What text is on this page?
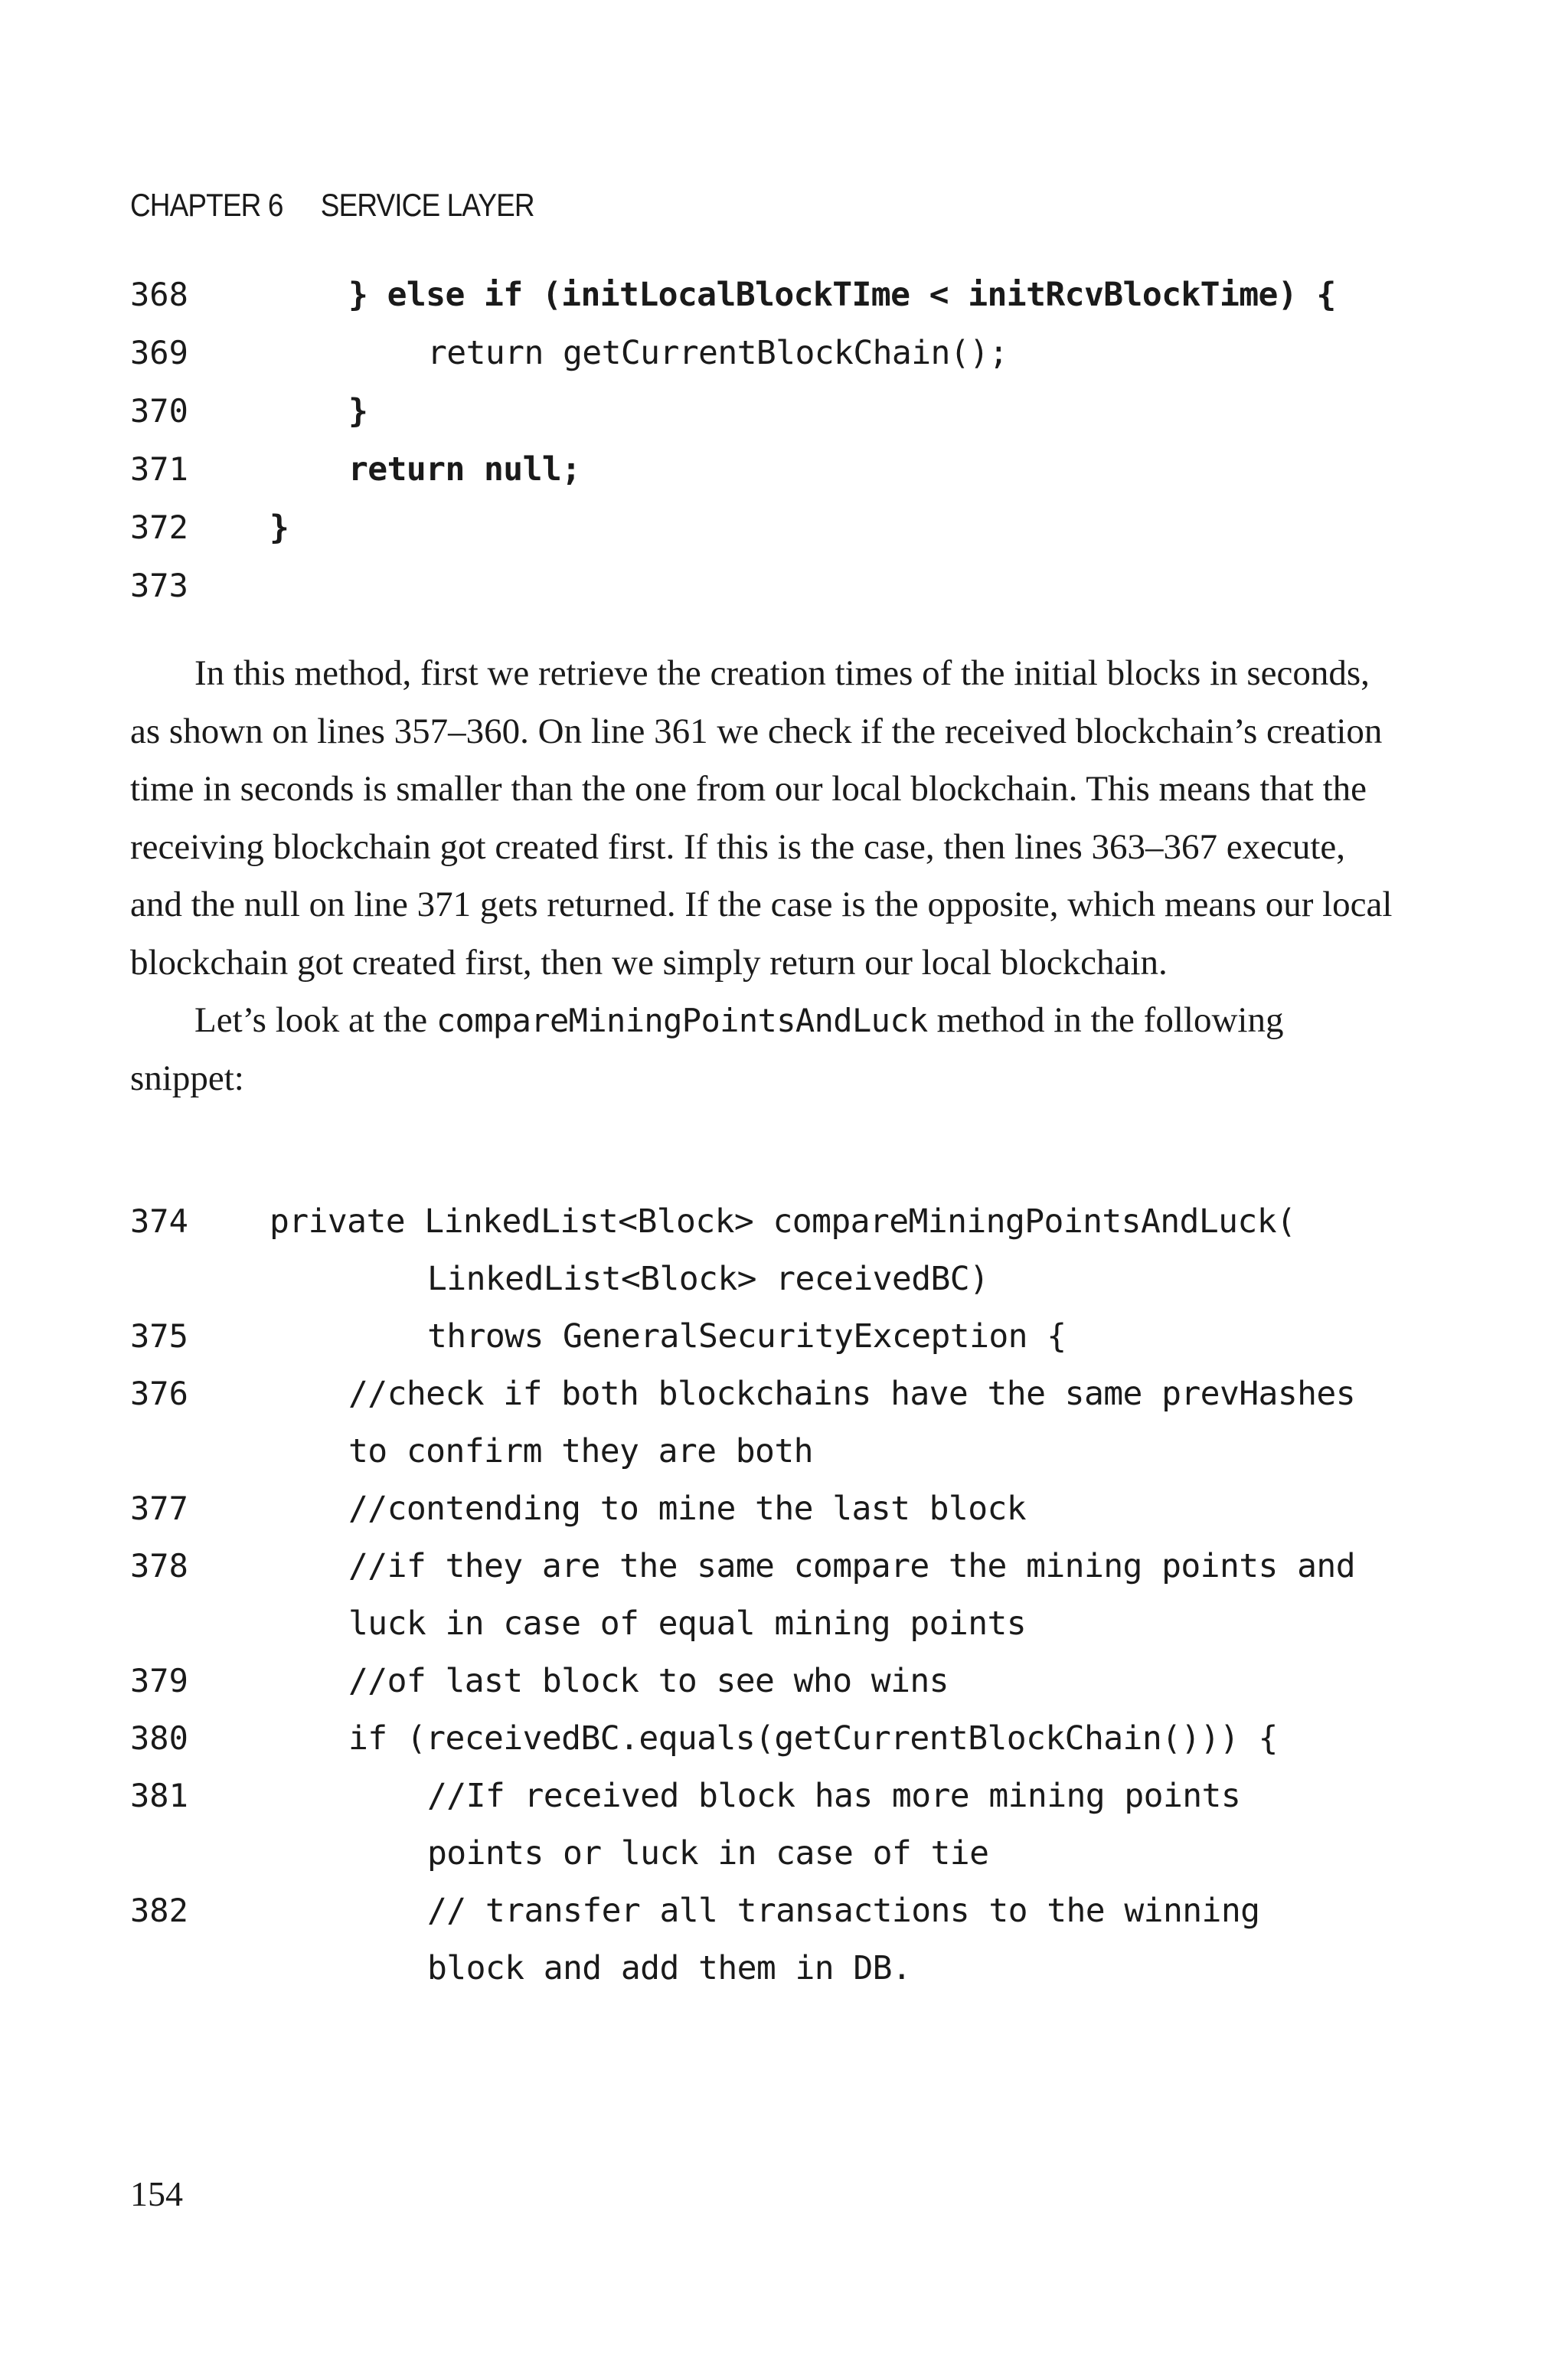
CHAPTER 6 SERVICE LAYER

368

	} else if (initLocalBlockTIme < initRcvBlockTime) {

369

	return getCurrentBlockChain();

370

	}

371

	return null;

372

	}

373

In this method, first we retrieve the creation times of the initial blocks in seconds, as shown on lines 357–360. On line 361 we check if the received blockchain’s creation time in seconds is smaller than the one from our local blockchain. This means that the receiving blockchain got created first. If this is the case, then lines 363–367 execute, and the null on line 371 gets returned. If the case is the opposite, which means our local blockchain got created first, then we simply return our local blockchain.

Let’s look at the compareMiningPointsAndLuck method in the following snippet:

374

	private LinkedList<Block> compareMiningPointsAndLuck(

LinkedList<Block> receivedBC)

375

	throws GeneralSecurityException {

376

	//check if both blockchains have the same prevHashes

to confirm they are both

377

	//contending to mine the last block

378

	//if they are the same compare the mining points and

luck in case of equal mining points

379

	//of last block to see who wins

380

	if (receivedBC.equals(getCurrentBlockChain())) {

381

	//If received block has more mining points

points or luck in case of tie

382

	// transfer all transactions to the winning

block and add them in DB.

154
